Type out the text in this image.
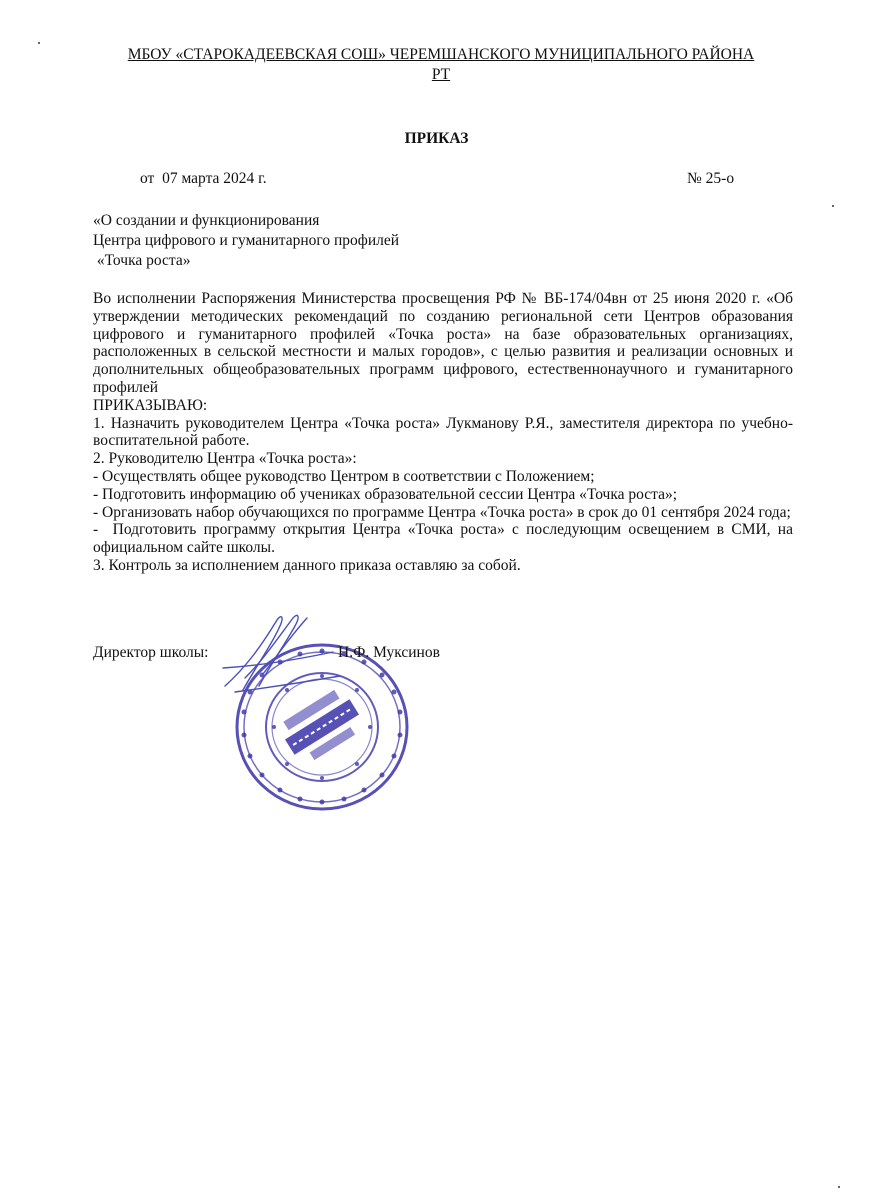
МБОУ «СТАРОКАДЕЕВСКАЯ СОШ» ЧЕРЕМШАНСКОГО МУНИЦИПАЛЬНОГО РАЙОНА
РТ
ПРИКАЗ
от  07 марта 2024 г.	№ 25-о
«О создании и функционирования
Центра цифрового и гуманитарного профилей
«Точка роста»

Во исполнении Распоряжения Министерства просвещения РФ № ВБ-174/04вн от 25 июня 2020 г. «Об утверждении методических рекомендаций по созданию региональной сети Центров образования цифрового и гуманитарного профилей «Точка роста» на базе образовательных организациях, расположенных в сельской местности и малых городов», с целью развития и реализации основных и дополнительных общеобразовательных программ цифрового, естественнонаучного и гуманитарного профилей

ПРИКАЗЫВАЮ:

1. Назначить руководителем Центра «Точка роста» Лукманову Р.Я., заместителя директора по учебно-воспитательной работе.

2. Руководителю Центра «Точка роста»:

- Осуществлять общее руководство Центром в соответствии с Положением;

- Подготовить информацию об учениках образовательной сессии Центра «Точка роста»;

- Организовать набор обучающихся по программе Центра «Точка роста» в срок до 01 сентября 2024 года;

-  Подготовить программу открытия Центра «Точка роста» с последующим освещением в СМИ, на официальном сайте школы.

3. Контроль за исполнением данного приказа оставляю за собой.

Директор школы:	Н.Ф. Муксинов
